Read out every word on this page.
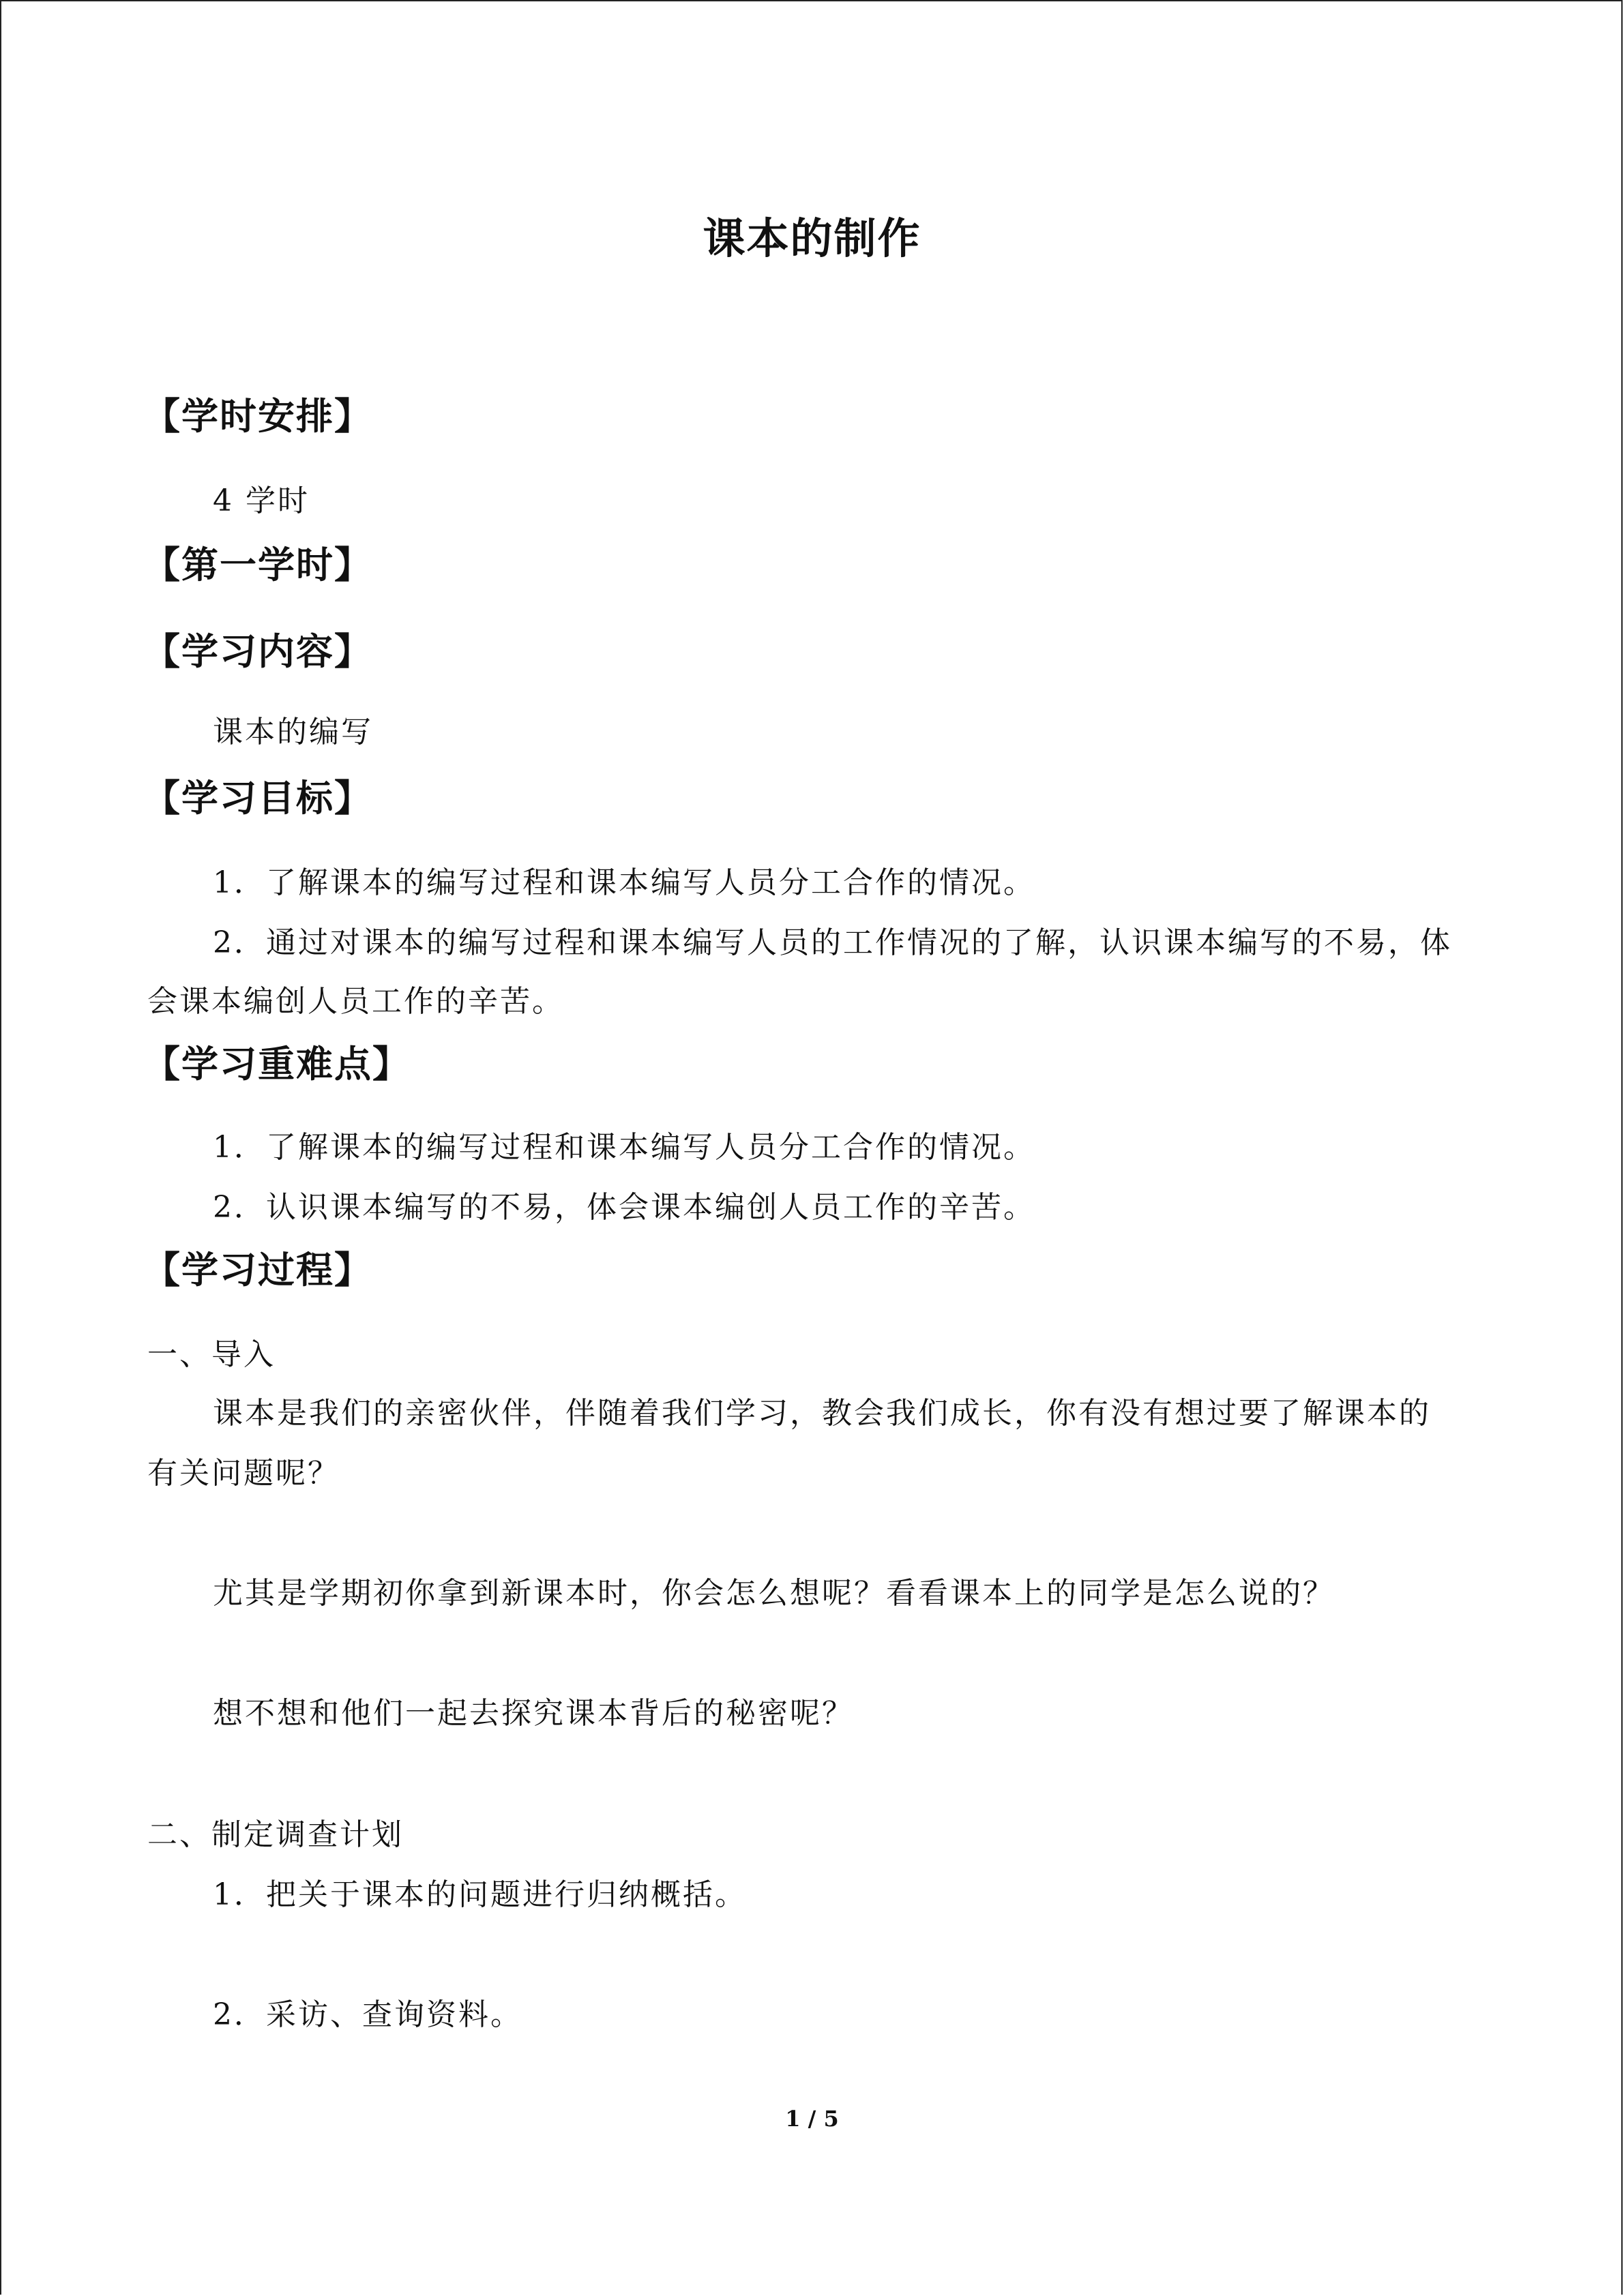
课本的制作
【学时安排】
4 学时
【第一学时】
【学习内容】
课本的编写
【学习目标】
1．了解课本的编写过程和课本编写人员分工合作的情况。
2．通过对课本的编写过程和课本编写人员的工作情况的了解，认识课本编写的不易，体
会课本编创人员工作的辛苦。
【学习重难点】
1．了解课本的编写过程和课本编写人员分工合作的情况。
2．认识课本编写的不易，体会课本编创人员工作的辛苦。
【学习过程】
一、导入
课本是我们的亲密伙伴，伴随着我们学习，教会我们成长，你有没有想过要了解课本的
有关问题呢？
尤其是学期初你拿到新课本时，你会怎么想呢？看看课本上的同学是怎么说的？
想不想和他们一起去探究课本背后的秘密呢？
二、制定调查计划
1．把关于课本的问题进行归纳概括。
2．采访、查询资料。
1 / 5
